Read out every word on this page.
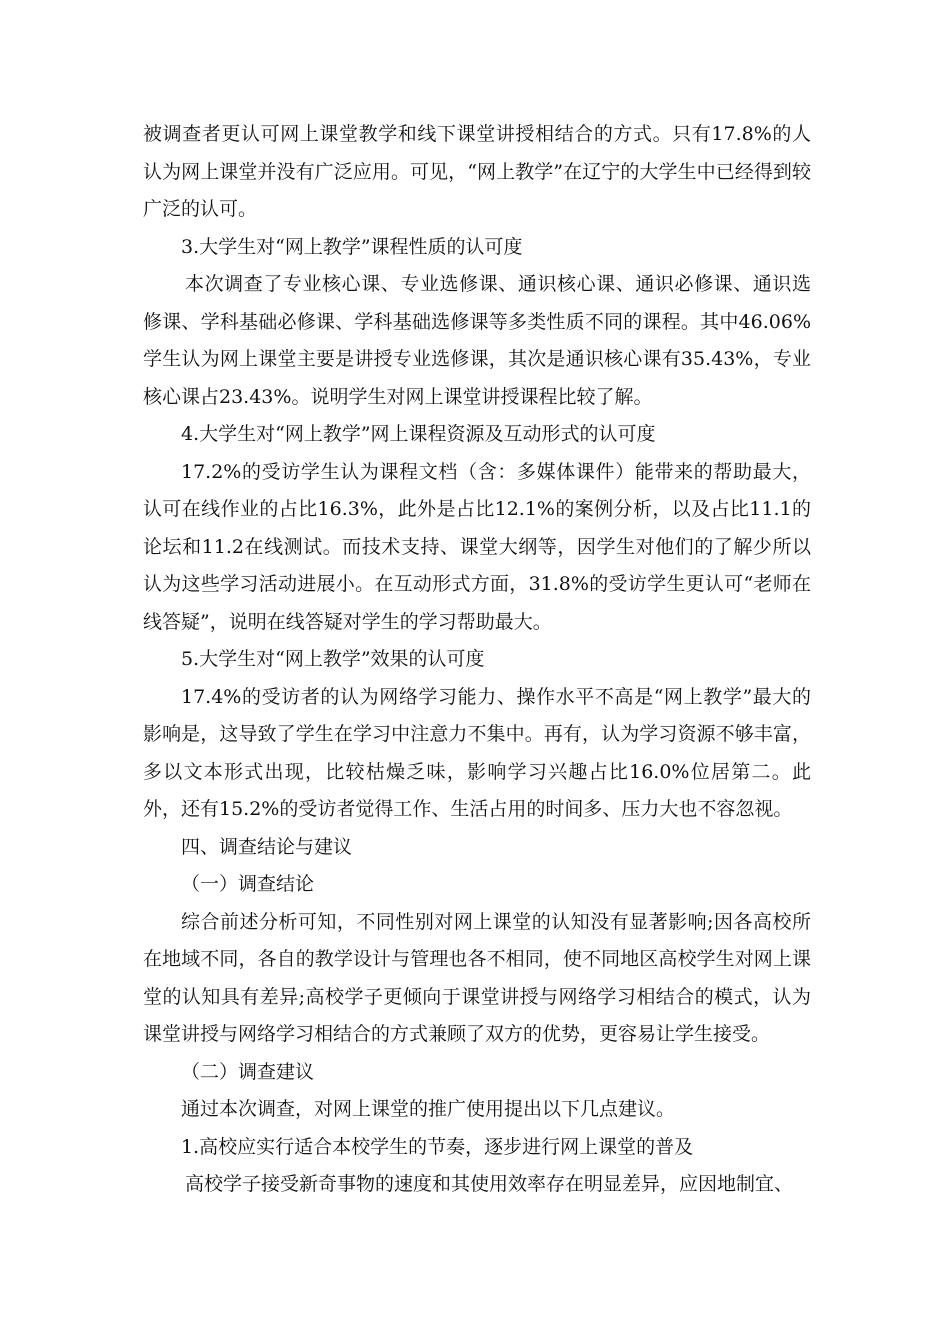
被调查者更认可网上课堂教学和线下课堂讲授相结合的方式。只有17.8%的人认为网上课堂并没有广泛应用。可见，“网上教学”在辽宁的大学生中已经得到较广泛的认可。

3.大学生对“网上教学”课程性质的认可度

本次调查了专业核心课、专业选修课、通识核心课、通识必修课、通识选修课、学科基础必修课、学科基础选修课等多类性质不同的课程。其中46.06%学生认为网上课堂主要是讲授专业选修课，其次是通识核心课有35.43%，专业核心课占23.43%。说明学生对网上课堂讲授课程比较了解。

4.大学生对“网上教学”网上课程资源及互动形式的认可度

17.2%的受访学生认为课程文档（含：多媒体课件）能带来的帮助最大，认可在线作业的占比16.3%，此外是占比12.1%的案例分析，以及占比11.1的论坛和11.2在线测试。而技术支持、课堂大纲等，因学生对他们的了解少所以认为这些学习活动进展小。在互动形式方面，31.8%的受访学生更认可“老师在线答疑”，说明在线答疑对学生的学习帮助最大。

5.大学生对“网上教学”效果的认可度

17.4%的受访者的认为网络学习能力、操作水平不高是“网上教学”最大的影响是，这导致了学生在学习中注意力不集中。再有，认为学习资源不够丰富，多以文本形式出现，比较枯燥乏味，影响学习兴趣占比16.0%位居第二。此外，还有15.2%的受访者觉得工作、生活占用的时间多、压力大也不容忽视。

四、调查结论与建议

（一）调查结论

综合前述分析可知，不同性别对网上课堂的认知没有显著影响;因各高校所在地域不同，各自的教学设计与管理也各不相同，使不同地区高校学生对网上课堂的认知具有差异;高校学子更倾向于课堂讲授与网络学习相结合的模式，认为课堂讲授与网络学习相结合的方式兼顾了双方的优势，更容易让学生接受。

（二）调查建议

通过本次调查，对网上课堂的推广使用提出以下几点建议。

1.高校应实行适合本校学生的节奏，逐步进行网上课堂的普及

高校学子接受新奇事物的速度和其使用效率存在明显差异，应因地制宜、
